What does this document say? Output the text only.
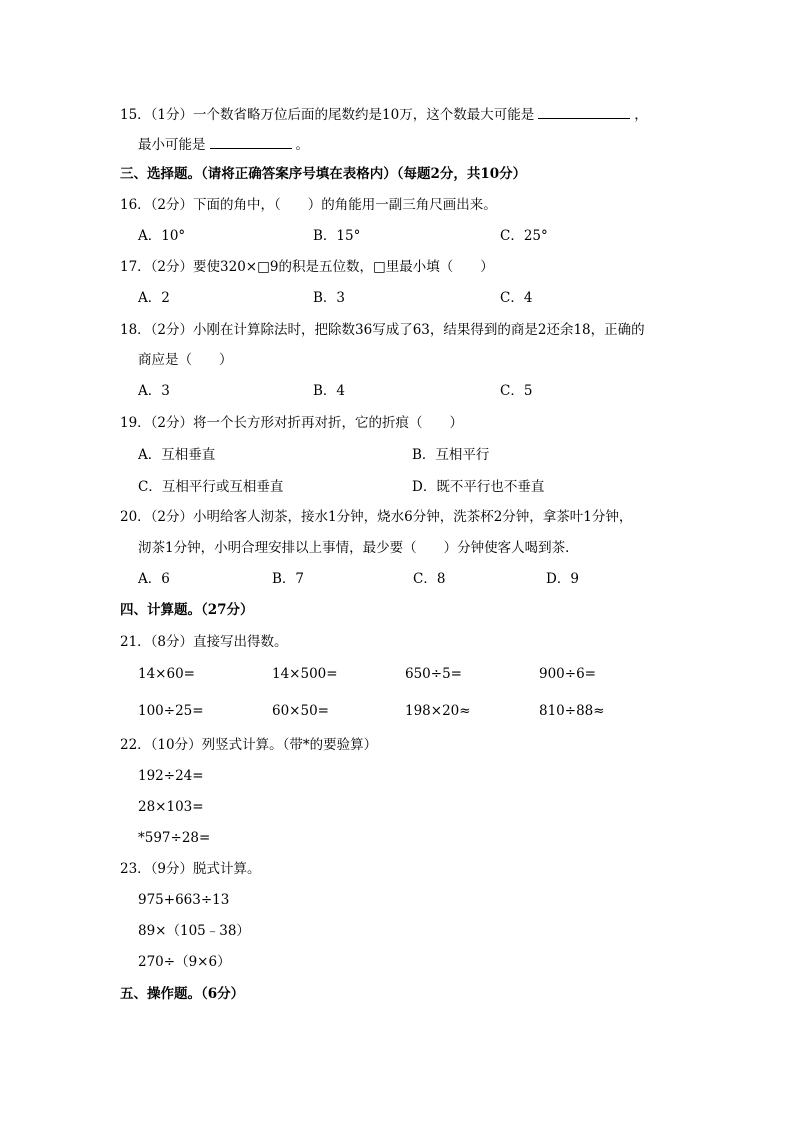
15．（1分）一个数省略万位后面的尾数约是10万，这个数最大可能是	，
最小可能是	。
三、选择题。（请将正确答案序号填在表格内）（每题2分，共10分）
16．（2分）下面的角中，（　　）的角能用一副三角尺画出来。
A．10°	B．15°	C．25°
17．（2分）要使320×□9的积是五位数，□里最小填（　　）
A．2	B．3	C．4
18．（2分）小刚在计算除法时，把除数36写成了63，结果得到的商是2还余18，正确的
商应是（　　）
A．3	B．4	C．5
19．（2分）将一个长方形对折再对折，它的折痕（　　）
A．互相垂直	B．互相平行
C．互相平行或互相垂直	D．既不平行也不垂直
20．（2分）小明给客人沏茶，接水1分钟，烧水6分钟，洗茶杯2分钟，拿茶叶1分钟，
沏茶1分钟，小明合理安排以上事情，最少要（　　）分钟使客人喝到茶．
A．6	B．7	C．8	D．9
四、计算题。（27分）
21．（8分）直接写出得数。
14×60=	14×500=	650÷5=	900÷6=
100÷25=	60×50=	198×20≈	810÷88≈
22．（10分）列竖式计算。（带*的要验算）
192÷24=
28×103=
*597÷28=
23．（9分）脱式计算。
975+663÷13
89×（105﹣38）
270÷（9×6）
五、操作题。（6分）
